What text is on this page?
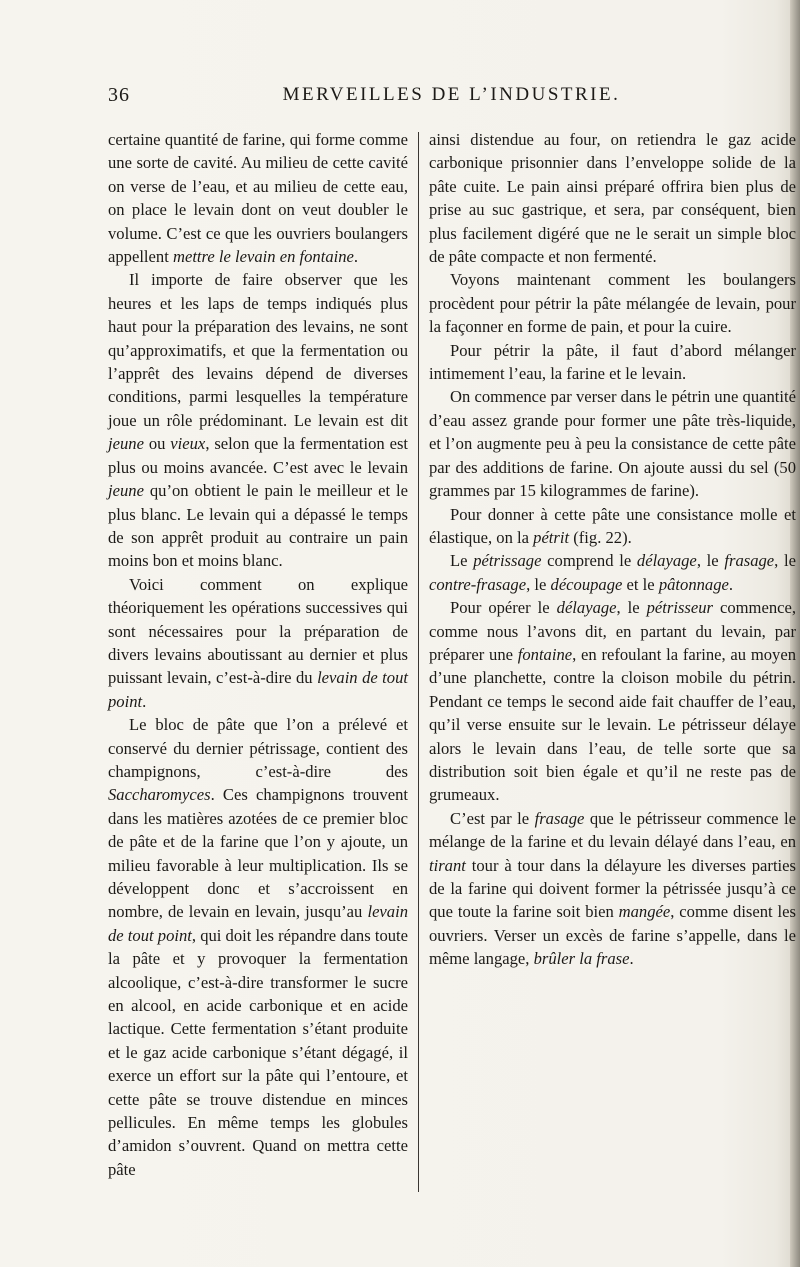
36	MERVEILLES DE L’INDUSTRIE.

certaine quantité de farine, qui forme comme une sorte de cavité. Au milieu de cette cavité on verse de l’eau, et au milieu de cette eau, on place le levain dont on veut doubler le volume. C’est ce que les ouvriers boulangers appellent mettre le levain en fontaine.

Il importe de faire observer que les heures et les laps de temps indiqués plus haut pour la préparation des levains, ne sont qu’approximatifs, et que la fermentation ou l’apprêt des levains dépend de diverses conditions, parmi lesquelles la température joue un rôle prédominant. Le levain est dit jeune ou vieux, selon que la fermentation est plus ou moins avancée. C’est avec le levain jeune qu’on obtient le pain le meilleur et le plus blanc. Le levain qui a dépassé le temps de son apprêt produit au contraire un pain moins bon et moins blanc.

Voici comment on explique théoriquement les opérations successives qui sont nécessaires pour la préparation de divers levains aboutissant au dernier et plus puissant levain, c’est-à-dire du levain de tout point.

Le bloc de pâte que l’on a prélevé et conservé du dernier pétrissage, contient des champignons, c’est-à-dire des Saccharomyces. Ces champignons trouvent dans les matières azotées de ce premier bloc de pâte et de la farine que l’on y ajoute, un milieu favorable à leur multiplication. Ils se développent donc et s’accroissent en nombre, de levain en levain, jusqu’au levain de tout point, qui doit les répandre dans toute la pâte et y provoquer la fermentation alcoolique, c’est-à-dire transformer le sucre en alcool, en acide carbonique et en acide lactique. Cette fermentation s’étant produite et le gaz acide carbonique s’étant dégagé, il exerce un effort sur la pâte qui l’entoure, et cette pâte se trouve distendue en minces pellicules. En même temps les globules d’amidon s’ouvrent. Quand on mettra cette pâte

ainsi distendue au four, on retiendra le gaz acide carbonique prisonnier dans l’enveloppe solide de la pâte cuite. Le pain ainsi préparé offrira bien plus de prise au suc gastrique, et sera, par conséquent, bien plus facilement digéré que ne le serait un simple bloc de pâte compacte et non fermenté.

Voyons maintenant comment les boulangers procèdent pour pétrir la pâte mélangée de levain, pour la façonner en forme de pain, et pour la cuire.

Pour pétrir la pâte, il faut d’abord mélanger intimement l’eau, la farine et le levain.

On commence par verser dans le pétrin une quantité d’eau assez grande pour former une pâte très-liquide, et l’on augmente peu à peu la consistance de cette pâte par des additions de farine. On ajoute aussi du sel (50 grammes par 15 kilogrammes de farine).

Pour donner à cette pâte une consistance molle et élastique, on la pétrit (fig. 22).

Le pétrissage comprend le délayage, le frasage, le contre-frasage, le découpage et le pâtonnage.

Pour opérer le délayage, le pétrisseur commence, comme nous l’avons dit, en partant du levain, par préparer une fontaine, en refoulant la farine, au moyen d’une planchette, contre la cloison mobile du pétrin. Pendant ce temps le second aide fait chauffer de l’eau, qu’il verse ensuite sur le levain. Le pétrisseur délaye alors le levain dans l’eau, de telle sorte que sa distribution soit bien égale et qu’il ne reste pas de grumeaux.

C’est par le frasage que le pétrisseur commence le mélange de la farine et du levain délayé dans l’eau, en tirant tour à tour dans la délayure les diverses parties de la farine qui doivent former la pétrissée jusqu’à ce que toute la farine soit bien mangée, comme disent les ouvriers. Verser un excès de farine s’appelle, dans le même langage, brûler la frase.
